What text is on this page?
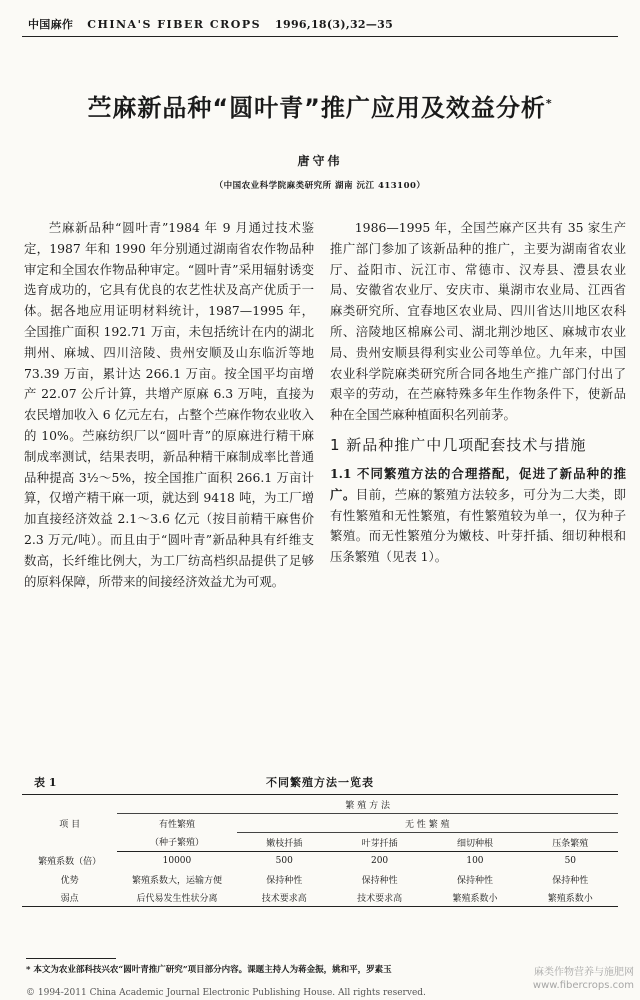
中国麻作 CHINA'S FIBER CROPS 1996,18(3),32—35
苎麻新品种“圆叶青”推广应用及效益分析*
唐守伟
（中国农业科学院麻类研究所 湖南 沅江 413100）

苎麻新品种“圆叶青”1984 年 9 月通过技术鉴定，1987 年和 1990 年分别通过湖南省农作物品种审定和全国农作物品种审定。“圆叶青”采用辐射诱变选育成功的，它具有优良的农艺性状及高产优质于一体。据各地应用证明材料统计，1987—1995 年，全国推广面积 192.71 万亩，未包括统计在内的湖北荆州、麻城、四川涪陵、贵州安顺及山东临沂等地 73.39 万亩，累计达 266.1 万亩。按全国平均亩增产 22.07 公斤计算，共增产原麻 6.3 万吨，直接为农民增加收入 6 亿元左右，占整个苎麻作物农业收入的 10%。苎麻纺织厂以“圆叶青”的原麻进行精干麻制成率测试，结果表明，新品种精干麻制成率比普通品种提高 3½～5%，按全国推广面积 266.1 万亩计算，仅增产精干麻一项，就达到 9418 吨，为工厂增加直接经济效益 2.1～3.6 亿元（按目前精干麻售价 2.3 万元/吨）。而且由于“圆叶青”新品种具有纤维支数高，长纤维比例大，为工厂纺高档织品提供了足够的原料保障，所带来的间接经济效益尤为可观。

1986—1995 年，全国苎麻产区共有 35 家生产推广部门参加了该新品种的推广，主要为湖南省农业厅、益阳市、沅江市、常德市、汉寿县、澧县农业局、安徽省农业厅、安庆市、巢湖市农业局、江西省麻类研究所、宜春地区农业局、四川省达川地区农科所、涪陵地区棉麻公司、湖北荆沙地区、麻城市农业局、贵州安顺县得利实业公司等单位。九年来，中国农业科学院麻类研究所合同各地生产推广部门付出了艰辛的劳动，在苎麻特殊多年生作物条件下，使新品种在全国苎麻种植面积名列前茅。

1 新品种推广中几项配套技术与措施

1.1 不同繁殖方法的合理搭配，促进了新品种的推广。目前，苎麻的繁殖方法较多，可分为二大类，即有性繁殖和无性繁殖，有性繁殖较为单一，仅为种子繁殖。而无性繁殖分为嫩枝、叶芽扦插、细切种根和压条繁殖（见表 1）。

不同繁殖方法一览表
表 1
项 目	繁 殖 方 法				
	有性繁殖	无 性 繁 殖			
	（种子繁殖）	嫩枝扦插	叶芽扦插	细切种根	压条繁殖
繁殖系数（倍）	10000	500	200	100	50
优势	繁殖系数大，运输方便	保持种性	保持种性	保持种性	保持种性
弱点	后代易发生性状分离	技术要求高	技术要求高	繁殖系数小	繁殖系数小
* 本文为农业部科技兴农“圆叶青推广研究”项目部分内容。课题主持人为蒋金振，姚和平，罗素玉
© 1994-2011 China Academic Journal Electronic Publishing House. All rights reserved.
麻类作物营养与施肥网
www.fibercrops.com
